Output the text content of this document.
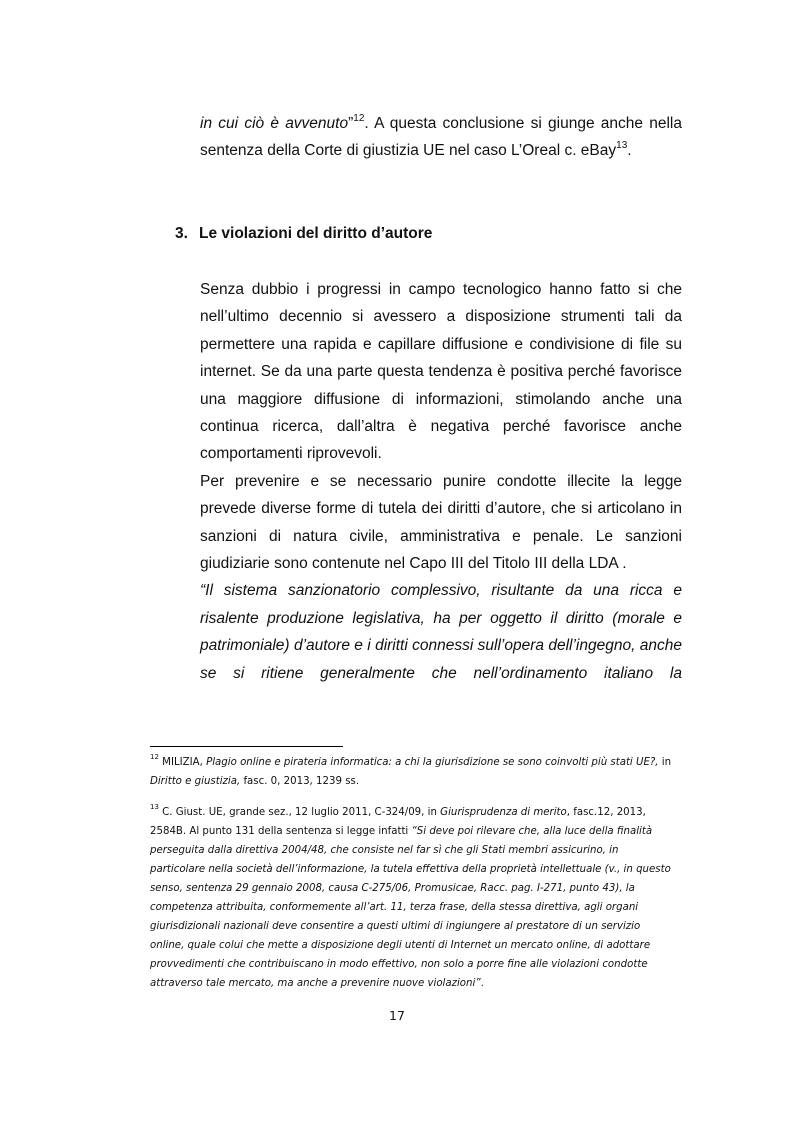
in cui ciò è avvenuto”$^{12}$. A questa conclusione si giunge anche nella

sentenza della Corte di giustizia UE nel caso L’Oreal c. eBay$^{13}$.

3. Le violazioni del diritto d’autore

Senza dubbio i progressi in campo tecnologico hanno fatto si che nell’ultimo decennio si avessero a disposizione strumenti tali da permettere una rapida e capillare diffusione e condivisione di file su internet. Se da una parte questa tendenza è positiva perché favorisce una maggiore diffusione di informazioni, stimolando anche una continua ricerca, dall’altra è negativa perché favorisce anche comportamenti riprovevoli.

Per prevenire e se necessario punire condotte illecite la legge prevede diverse forme di tutela dei diritti d’autore, che si articolano in sanzioni di natura civile, amministrativa e penale. Le sanzioni giudiziarie sono contenute nel Capo III del Titolo III della LDA .

“Il sistema sanzionatorio complessivo, risultante da una ricca e risalente produzione legislativa, ha per oggetto il diritto (morale e patrimoniale) d’autore e i diritti connessi sull’opera dell’ingegno, anche se si ritiene generalmente che nell’ordinamento italiano la

$^{12}$ MILIZIA, Plagio online e pirateria informatica: a chi la giurisdizione se sono coinvolti più stati UE?, in Diritto e giustizia, fasc. 0, 2013, 1239 ss.

$^{13}$ C. Giust. UE, grande sez., 12 luglio 2011, C-324/09, in Giurisprudenza di merito, fasc.12, 2013, 2584B. Al punto 131 della sentenza si legge infatti “Si deve poi rilevare che, alla luce della finalità perseguita dalla direttiva 2004/48, che consiste nel far sì che gli Stati membri assicurino, in particolare nella società dell’informazione, la tutela effettiva della proprietà intellettuale (v., in questo senso, sentenza 29 gennaio 2008, causa C-275/06, Promusicae, Racc. pag. I-271, punto 43), la competenza attribuita, conformemente all’art. 11, terza frase, della stessa direttiva, agli organi giurisdizionali nazionali deve consentire a questi ultimi di ingiungere al prestatore di un servizio online, quale colui che mette a disposizione degli utenti di Internet un mercato online, di adottare provvedimenti che contribuiscano in modo effettivo, non solo a porre fine alle violazioni condotte attraverso tale mercato, ma anche a prevenire nuove violazioni”.

17
